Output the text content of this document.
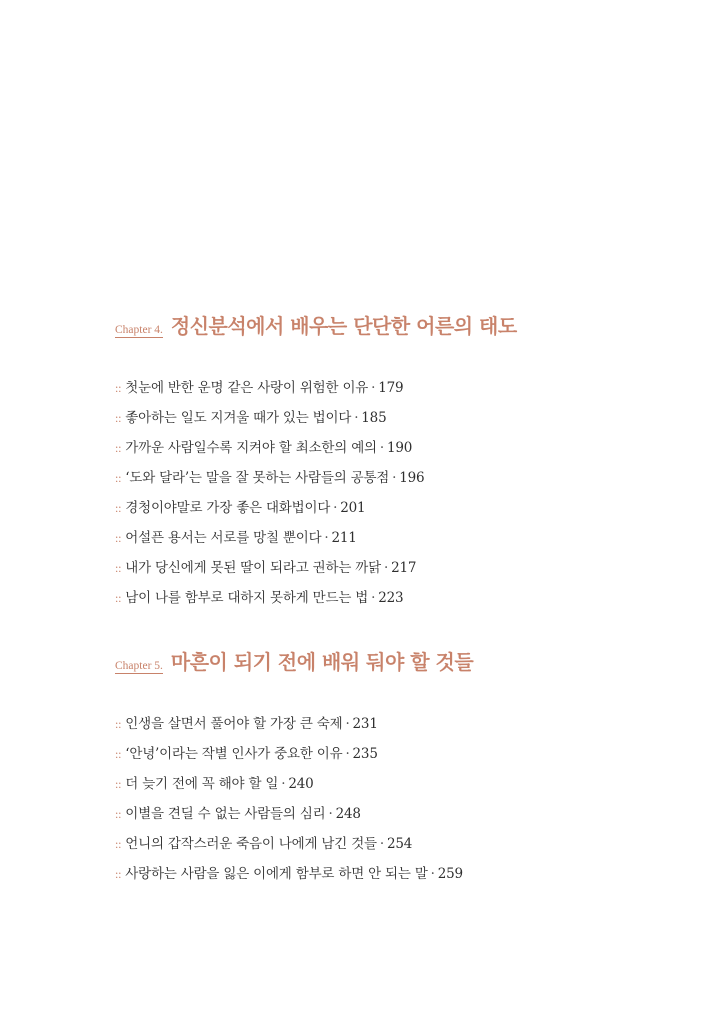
Chapter 4. 정신분석에서 배우는 단단한 어른의 태도
:: 첫눈에 반한 운명 같은 사랑이 위험한 이유 · 179
:: 좋아하는 일도 지겨울 때가 있는 법이다 · 185
:: 가까운 사람일수록 지켜야 할 최소한의 예의 · 190
:: ‘도와 달라’는 말을 잘 못하는 사람들의 공통점 · 196
:: 경청이야말로 가장 좋은 대화법이다 · 201
:: 어설픈 용서는 서로를 망칠 뿐이다 · 211
:: 내가 당신에게 못된 딸이 되라고 권하는 까닭 · 217
:: 남이 나를 함부로 대하지 못하게 만드는 법 · 223
Chapter 5. 마흔이 되기 전에 배워 둬야 할 것들
:: 인생을 살면서 풀어야 할 가장 큰 숙제 · 231
:: ‘안녕’이라는 작별 인사가 중요한 이유 · 235
:: 더 늦기 전에 꼭 해야 할 일 · 240
:: 이별을 견딜 수 없는 사람들의 심리 · 248
:: 언니의 갑작스러운 죽음이 나에게 남긴 것들 · 254
:: 사랑하는 사람을 잃은 이에게 함부로 하면 안 되는 말 · 259
